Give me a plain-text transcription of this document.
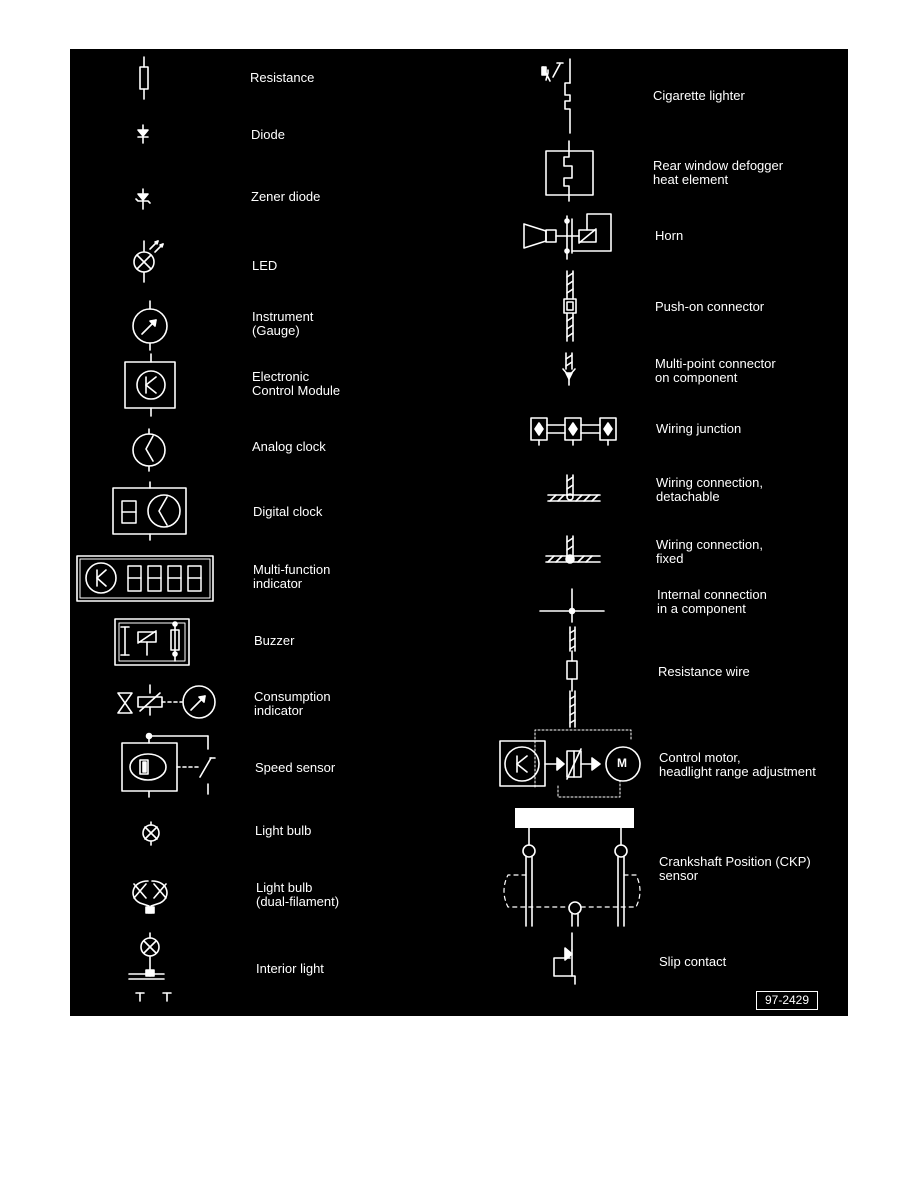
M
Resistance
Diode
Zener diode
LED
Instrument
(Gauge)
Electronic
Control Module
Analog clock
Digital clock
Multi-function
indicator
Buzzer
Consumption
indicator
Speed sensor
Light bulb
Light bulb
(dual-filament)
Interior light
Cigarette lighter
Rear window defogger
heat element
Horn
Push-on connector
Multi-point connector
on component
Wiring junction
Wiring connection,
detachable
Wiring connection,
fixed
Internal connection
in a component
Resistance wire
Control motor,
headlight range adjustment
Crankshaft Position (CKP)
sensor
Slip contact
97-2429
